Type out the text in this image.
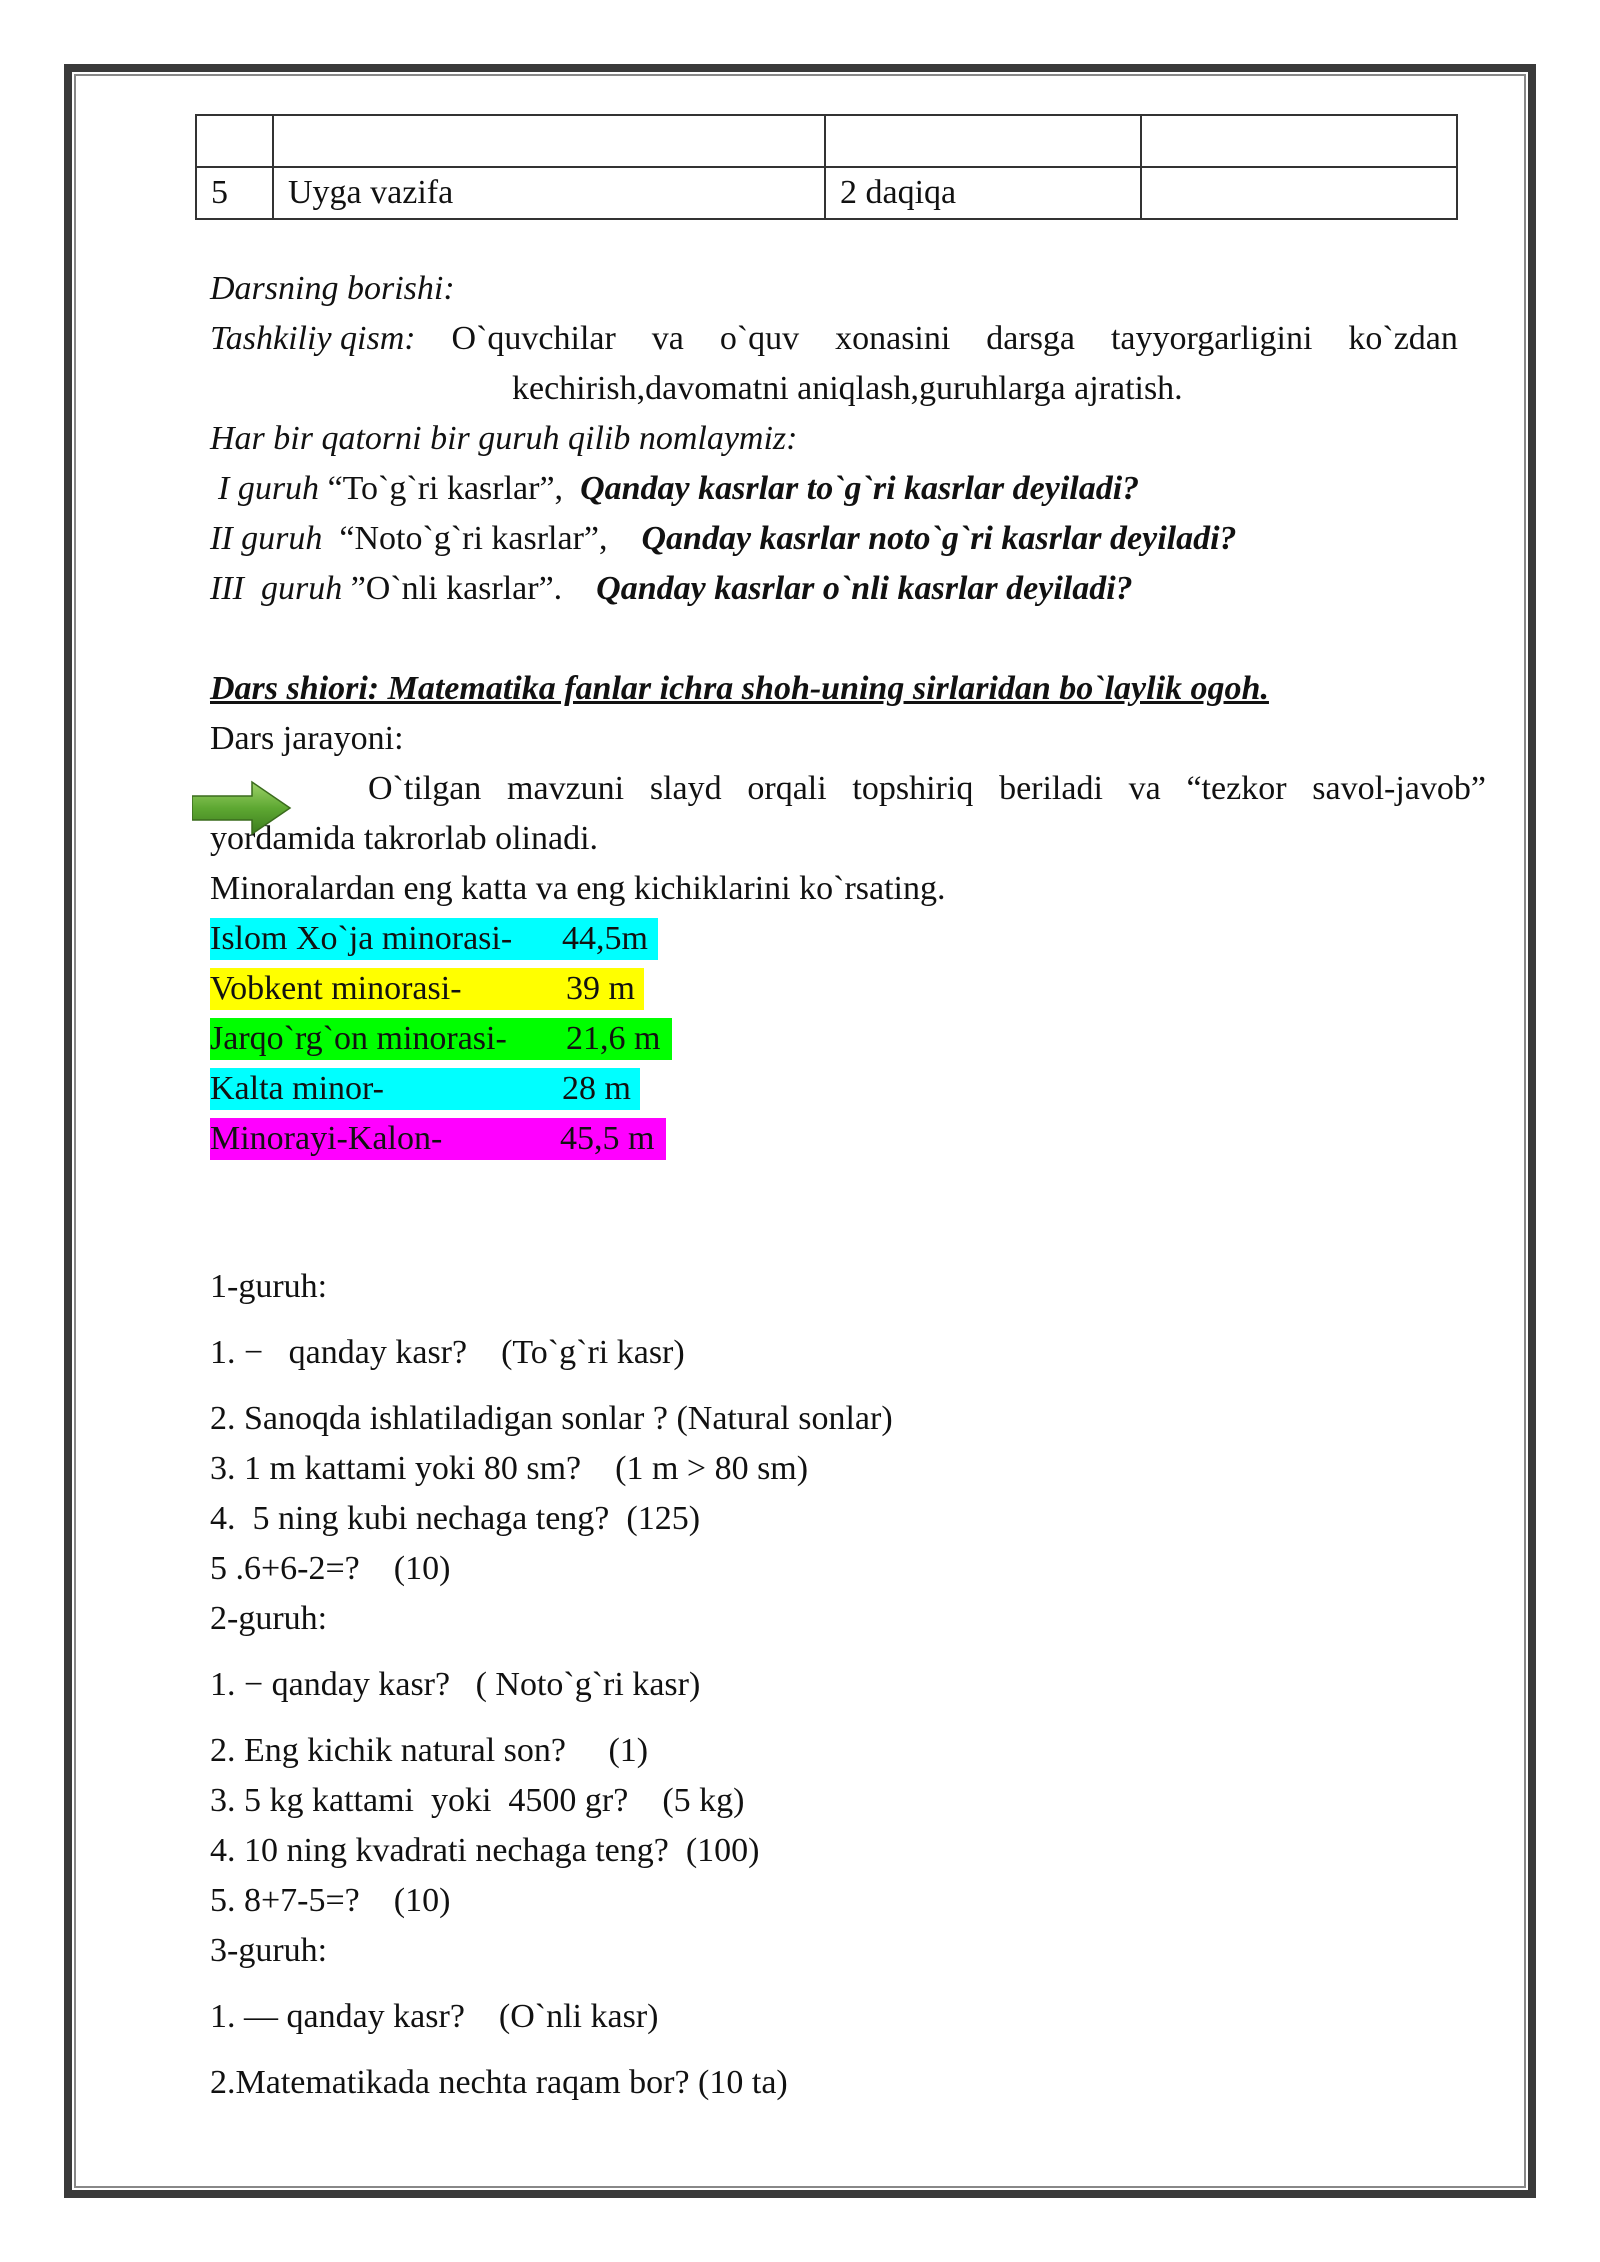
5	Uyga vazifa	2 daqiqa	
Darsning borishi:
Tashkiliy qism: O`quvchilar va o`quv xonasini darsga tayyorgarligini ko`zdan
kechirish,davomatni aniqlash,guruhlarga ajratish.
Har bir qatorni bir guruh qilib nomlaymiz:
I guruh “To`g`ri kasrlar”,  Qanday kasrlar to`g`ri kasrlar deyiladi?
II guruh  “Noto`g`ri kasrlar”,    Qanday kasrlar noto`g`ri kasrlar deyiladi?
III  guruh ”O`nli kasrlar”.    Qanday kasrlar o`nli kasrlar deyiladi?
Dars shiori: Matematika fanlar ichra shoh-uning sirlaridan bo`laylik ogoh.
Dars jarayoni:
O`tilgan mavzuni slayd orqali topshiriq beriladi va “tezkor savol-javob”
yordamida takrorlab olinadi.
Minoralardan eng katta va eng kichiklarini ko`rsating.
Islom Xo`ja minorasi- 44,5m
Vobkent minorasi-	39 m
Jarqo`rg`on minorasi- 21,6 m
Kalta minor-	28 m
Minorayi-Kalon-	45,5 m
1-guruh:
1. −   qanday kasr?    (To`g`ri kasr)
2. Sanoqda ishlatiladigan sonlar ? (Natural sonlar)
3. 1 m kattami yoki 80 sm?    (1 m > 80 sm)
4.  5 ning kubi nechaga teng?  (125)
5 .6+6-2=?    (10)
2-guruh:
1. − qanday kasr?   ( Noto`g`ri kasr)
2. Eng kichik natural son?     (1)
3. 5 kg kattami  yoki  4500 gr?    (5 kg)
4. 10 ning kvadrati nechaga teng?  (100)
5. 8+7-5=?    (10)
3-guruh:
1. — qanday kasr?    (O`nli kasr)
2.Matematikada nechta raqam bor? (10 ta)
